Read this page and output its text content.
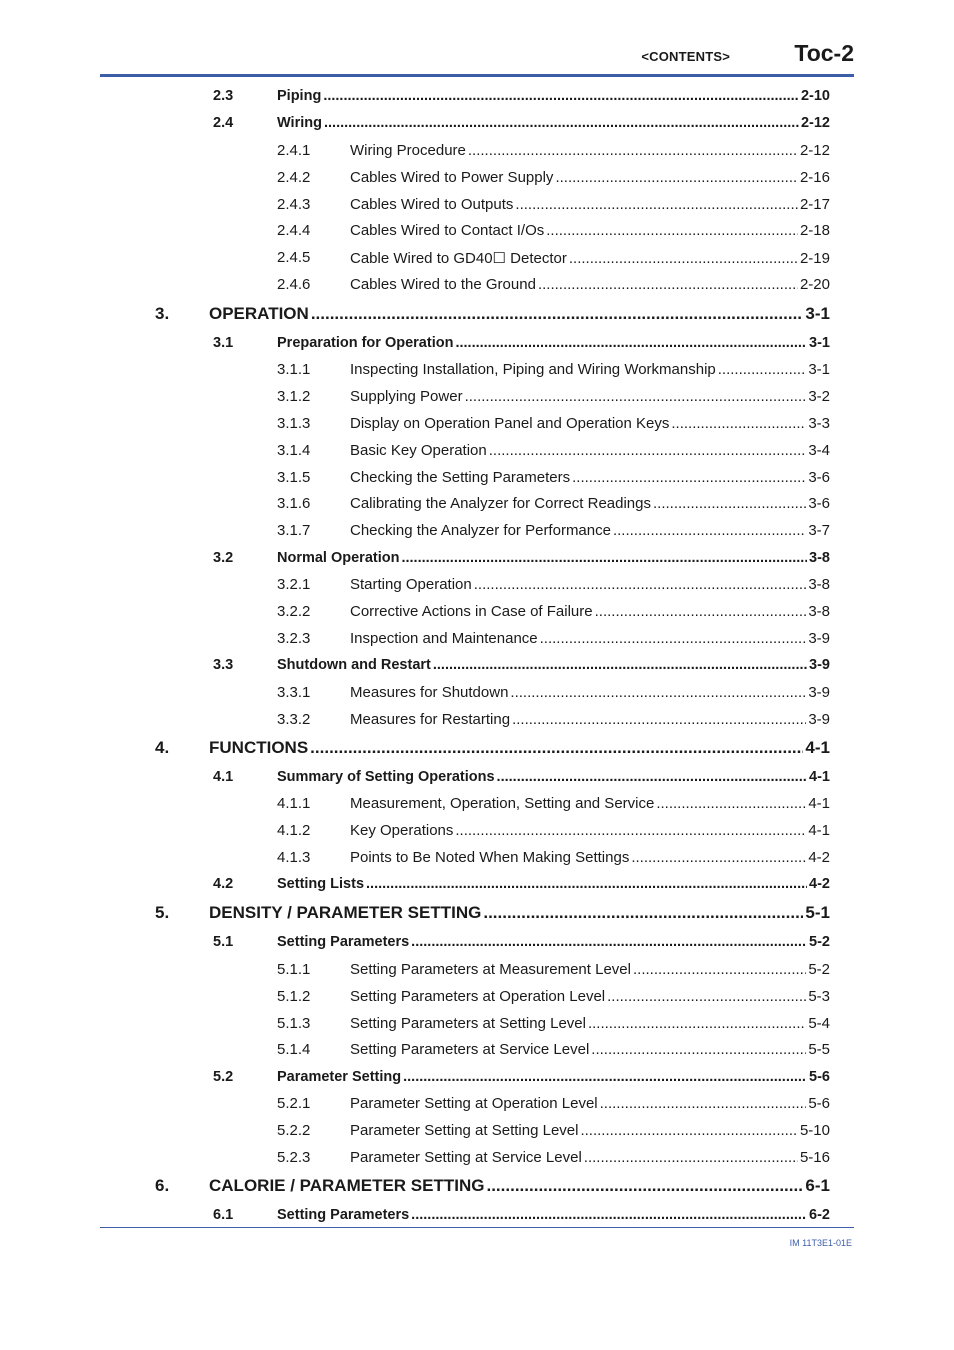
<CONTENTS>	Toc-2
2.3	Piping .....	2-10
2.4	Wiring .....	2-12
2.4.1	Wiring Procedure .....	2-12
2.4.2	Cables Wired to Power Supply .....	2-16
2.4.3	Cables Wired to Outputs .....	2-17
2.4.4	Cables Wired to Contact I/Os .....	2-18
2.4.5	Cable Wired to GD40☐ Detector .....	2-19
2.4.6	Cables Wired to the Ground .....	2-20
3. OPERATION .....	3-1
3.1	Preparation for Operation .....	3-1
3.1.1	Inspecting Installation, Piping and Wiring Workmanship .....	3-1
3.1.2	Supplying Power .....	3-2
3.1.3	Display on Operation Panel and Operation Keys .....	3-3
3.1.4	Basic Key Operation .....	3-4
3.1.5	Checking the Setting Parameters .....	3-6
3.1.6	Calibrating the Analyzer for Correct Readings .....	3-6
3.1.7	Checking the Analyzer for Performance .....	3-7
3.2	Normal Operation .....	3-8
3.2.1	Starting Operation .....	3-8
3.2.2	Corrective Actions in Case of Failure .....	3-8
3.2.3	Inspection and Maintenance .....	3-9
3.3	Shutdown and Restart .....	3-9
3.3.1	Measures for Shutdown .....	3-9
3.3.2	Measures for Restarting .....	3-9
4. FUNCTIONS .....	4-1
4.1	Summary of Setting Operations .....	4-1
4.1.1	Measurement, Operation, Setting and Service .....	4-1
4.1.2	Key Operations .....	4-1
4.1.3	Points to Be Noted When Making Settings .....	4-2
4.2	Setting Lists .....	4-2
5. DENSITY / PARAMETER SETTING .....	5-1
5.1	Setting Parameters .....	5-2
5.1.1	Setting Parameters at Measurement Level .....	5-2
5.1.2	Setting Parameters at Operation Level .....	5-3
5.1.3	Setting Parameters at Setting Level .....	5-4
5.1.4	Setting Parameters at Service Level .....	5-5
5.2	Parameter Setting .....	5-6
5.2.1	Parameter Setting at Operation Level .....	5-6
5.2.2	Parameter Setting at Setting Level .....	5-10
5.2.3	Parameter Setting at Service Level .....	5-16
6. CALORIE / PARAMETER SETTING .....	6-1
6.1	Setting Parameters .....	6-2
IM 11T3E1-01E
